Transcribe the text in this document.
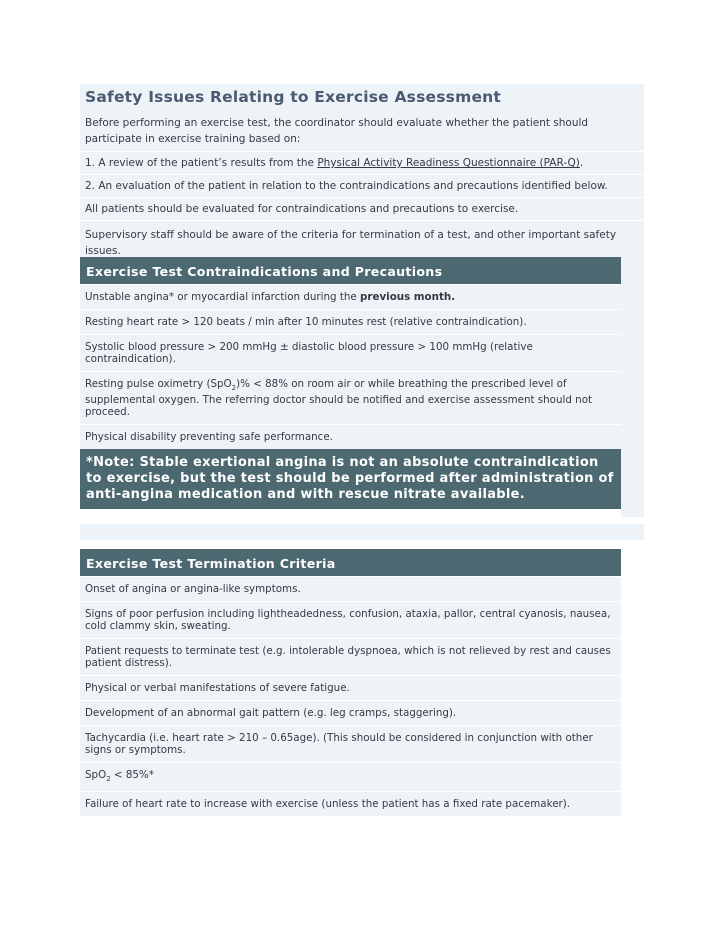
Safety Issues Relating to Exercise Assessment
Before performing an exercise test, the coordinator should evaluate whether the patient should participate in exercise training based on:
1. A review of the patient’s results from the Physical Activity Readiness Questionnaire (PAR-Q).
2. An evaluation of the patient in relation to the contraindications and precautions identified below.
All patients should be evaluated for contraindications and precautions to exercise.
Supervisory staff should be aware of the criteria for termination of a test, and other important safety issues.
Exercise Test Contraindications and Precautions
Unstable angina* or myocardial infarction during the previous month.
Resting heart rate > 120 beats / min after 10 minutes rest (relative contraindication).
Systolic blood pressure > 200 mmHg ± diastolic blood pressure > 100 mmHg (relative contraindication).
Resting pulse oximetry (SpO$_2$)% < 88% on room air or while breathing the prescribed level of supplemental oxygen. The referring doctor should be notified and exercise assessment should not proceed.
Physical disability preventing safe performance.
*Note: Stable exertional angina is not an absolute contraindication to exercise, but the test should be performed after administration of anti-angina medication and with rescue nitrate available.
Exercise Test Termination Criteria
Onset of angina or angina-like symptoms.
Signs of poor perfusion including lightheadedness, confusion, ataxia, pallor, central cyanosis, nausea, cold clammy skin, sweating.
Patient requests to terminate test (e.g. intolerable dyspnoea, which is not relieved by rest and causes patient distress).
Physical or verbal manifestations of severe fatigue.
Development of an abnormal gait pattern (e.g. leg cramps, staggering).
Tachycardia (i.e. heart rate > 210 – 0.65age). (This should be considered in conjunction with other signs or symptoms.
SpO$_2$ < 85%*
Failure of heart rate to increase with exercise (unless the patient has a fixed rate pacemaker).
